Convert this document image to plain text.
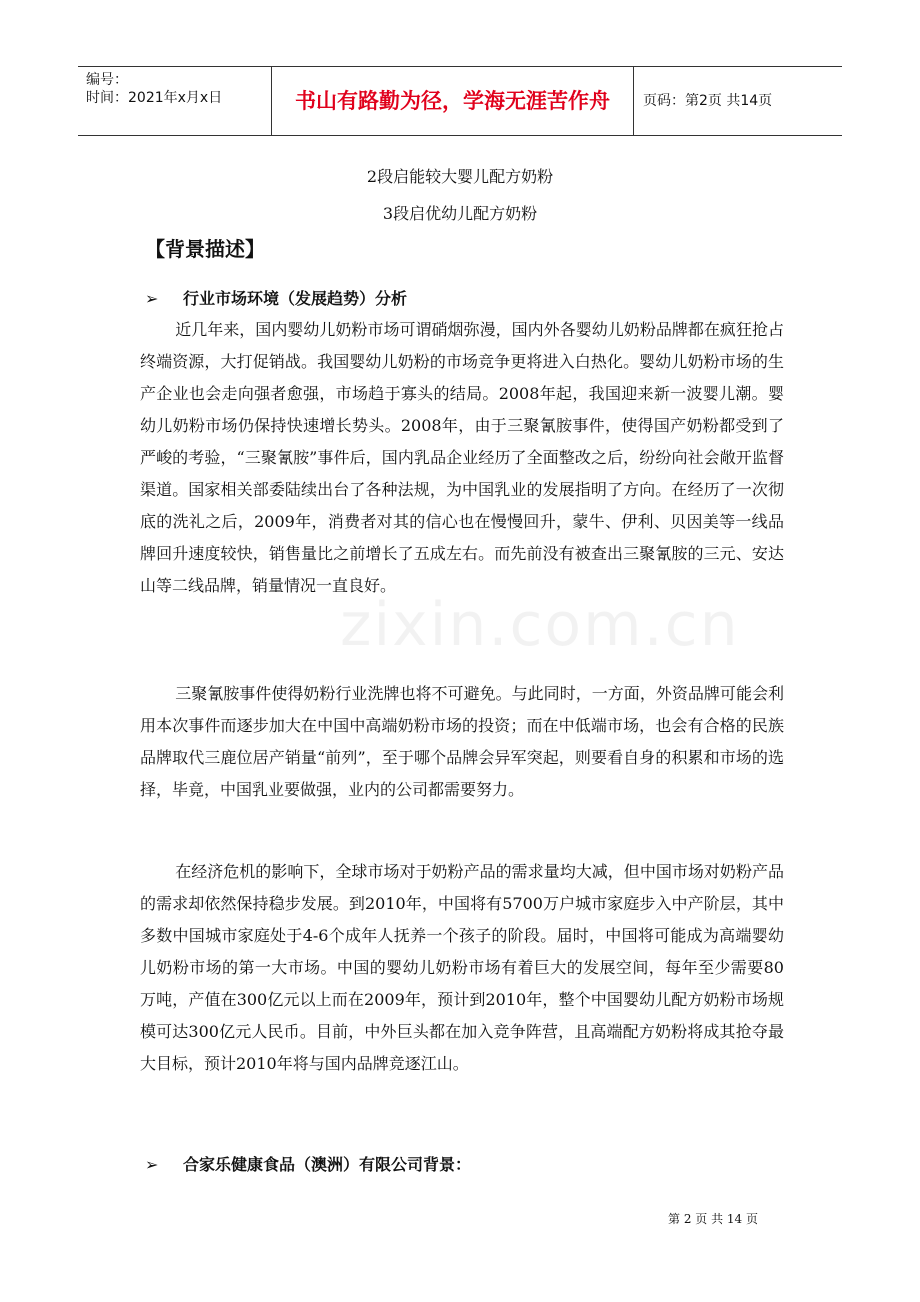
编号：
时间：2021年x月x日	书山有路勤为径，学海无涯苦作舟	页码：第2页 共14页
2段启能较大婴儿配方奶粉
3段启优幼儿配方奶粉
【背景描述】
➢ 行业市场环境（发展趋势）分析

近几年来，国内婴幼儿奶粉市场可谓硝烟弥漫，国内外各婴幼儿奶粉品牌都在疯狂抢占终端资源，大打促销战。我国婴幼儿奶粉的市场竞争更将进入白热化。婴幼儿奶粉市场的生产企业也会走向强者愈强，市场趋于寡头的结局。2008年起，我国迎来新一波婴儿潮。婴幼儿奶粉市场仍保持快速增长势头。2008年，由于三聚氰胺事件，使得国产奶粉都受到了严峻的考验，“三聚氰胺”事件后，国内乳品企业经历了全面整改之后，纷纷向社会敞开监督渠道。国家相关部委陆续出台了各种法规，为中国乳业的发展指明了方向。在经历了一次彻底的洗礼之后，2009年，消费者对其的信心也在慢慢回升，蒙牛、伊利、贝因美等一线品牌回升速度较快，销售量比之前增长了五成左右。而先前没有被查出三聚氰胺的三元、安达山等二线品牌，销量情况一直良好。

三聚氰胺事件使得奶粉行业洗牌也将不可避免。与此同时，一方面，外资品牌可能会利用本次事件而逐步加大在中国中高端奶粉市场的投资；而在中低端市场，也会有合格的民族品牌取代三鹿位居产销量“前列”，至于哪个品牌会异军突起，则要看自身的积累和市场的选择，毕竟，中国乳业要做强，业内的公司都需要努力。

在经济危机的影响下，全球市场对于奶粉产品的需求量均大减，但中国市场对奶粉产品的需求却依然保持稳步发展。到2010年，中国将有5700万户城市家庭步入中产阶层，其中多数中国城市家庭处于4-6个成年人抚养一个孩子的阶段。届时，中国将可能成为高端婴幼儿奶粉市场的第一大市场。中国的婴幼儿奶粉市场有着巨大的发展空间，每年至少需要80万吨，产值在300亿元以上而在2009年，预计到2010年，整个中国婴幼儿配方奶粉市场规模可达300亿元人民币。目前，中外巨头都在加入竞争阵营，且高端配方奶粉将成其抢夺最大目标，预计2010年将与国内品牌竞逐江山。

➢ 合家乐健康食品（澳洲）有限公司背景：
zixin.com.cn
第 2 页 共 14 页
